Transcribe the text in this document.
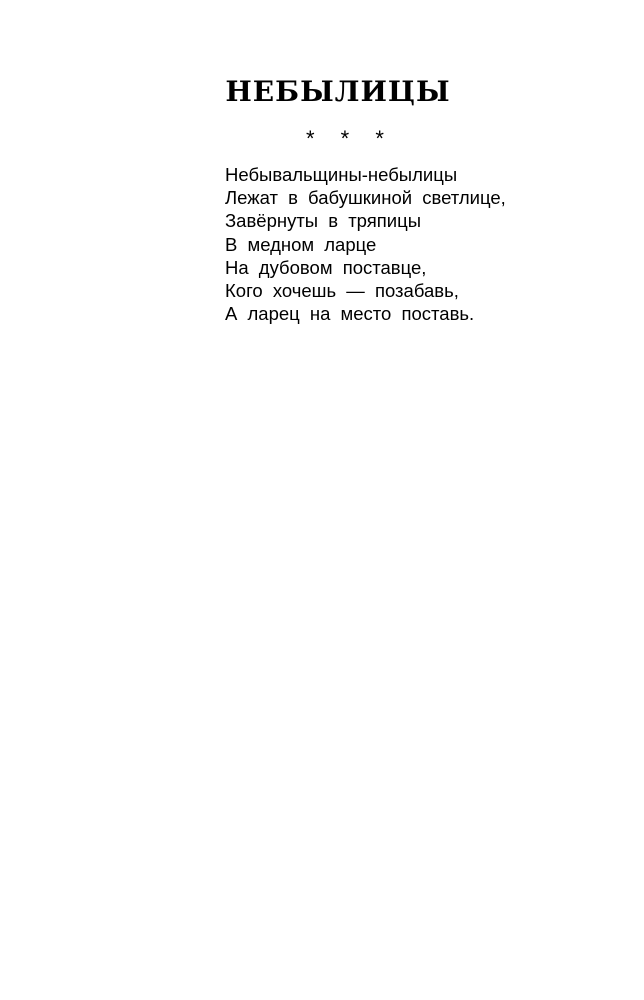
НЕБЫЛИЦЫ
* * *
Небывальщины-небылицы
Лежат в бабушкиной светлице,
Завёрнуты в тряпицы
В медном ларце
На дубовом поставце,
Кого хочешь — позабавь,
А ларец на место поставь.
